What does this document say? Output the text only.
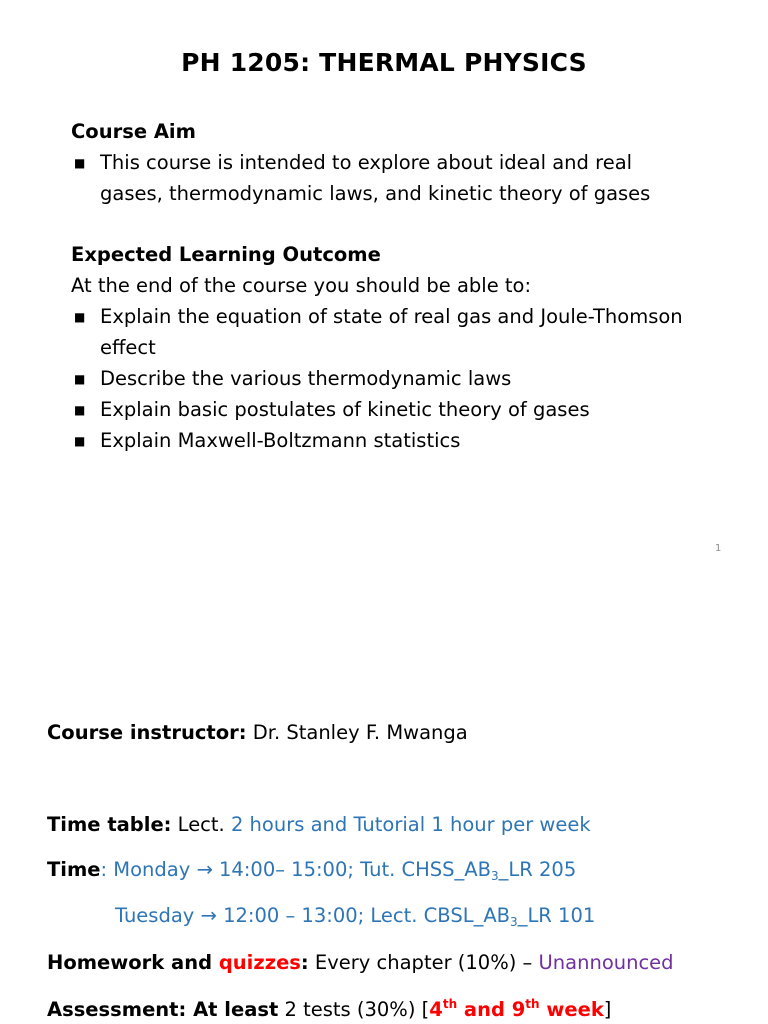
PH 1205: THERMAL PHYSICS
Course Aim
■ This course is intended to explore about ideal and real
gases, thermodynamic laws, and kinetic theory of gases
Expected Learning Outcome
At the end of the course you should be able to:
■ Explain the equation of state of real gas and Joule-Thomson
effect
■ Describe the various thermodynamic laws
■ Explain basic postulates of kinetic theory of gases
■ Explain Maxwell-Boltzmann statistics
1
Course instructor: Dr. Stanley F. Mwanga
Time table: Lect. 2 hours and Tutorial 1 hour per week
Time: Monday → 14:00– 15:00; Tut. $CHSS\_AB_3\_LR$ 205
Tuesday → 12:00 – 13:00; Lect. $CBSL\_AB_3\_LR$ 101
Homework and quizzes: Every chapter (10%) – Unannounced
Assessment: At least 2 tests (30%) [4th and 9th week]
